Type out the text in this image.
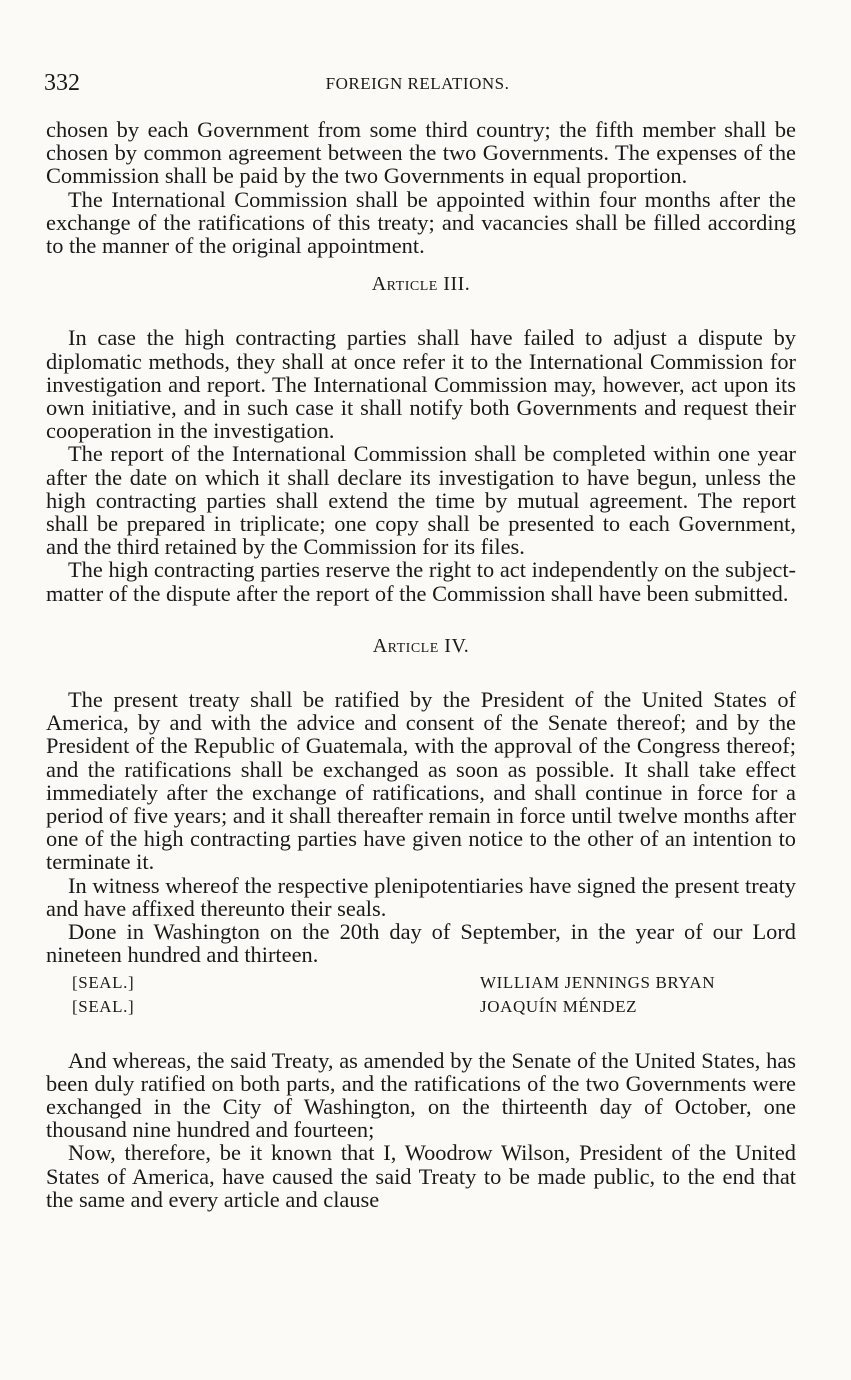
332	FOREIGN RELATIONS.

chosen by each Government from some third country; the fifth member shall be chosen by common agreement between the two Governments. The expenses of the Commission shall be paid by the two Governments in equal proportion.

The International Commission shall be appointed within four months after the exchange of the ratifications of this treaty; and vacancies shall be filled according to the manner of the original appointment.

Article III.

In case the high contracting parties shall have failed to adjust a dispute by diplomatic methods, they shall at once refer it to the International Commission for investigation and report. The International Commission may, however, act upon its own initiative, and in such case it shall notify both Governments and request their cooperation in the investigation.

The report of the International Commission shall be completed within one year after the date on which it shall declare its investigation to have begun, unless the high contracting parties shall extend the time by mutual agreement. The report shall be prepared in triplicate; one copy shall be presented to each Government, and the third retained by the Commission for its files.

The high contracting parties reserve the right to act independently on the subject-matter of the dispute after the report of the Commission shall have been submitted.

Article IV.

The present treaty shall be ratified by the President of the United States of America, by and with the advice and consent of the Senate thereof; and by the President of the Republic of Guatemala, with the approval of the Congress thereof; and the ratifications shall be exchanged as soon as possible. It shall take effect immediately after the exchange of ratifications, and shall continue in force for a period of five years; and it shall thereafter remain in force until twelve months after one of the high contracting parties have given notice to the other of an intention to terminate it.

In witness whereof the respective plenipotentiaries have signed the present treaty and have affixed thereunto their seals.

Done in Washington on the 20th day of September, in the year of our Lord nineteen hundred and thirteen.

[SEAL.]	WILLIAM JENNINGS BRYAN
[SEAL.]	JOAQUÍN MÉNDEZ

And whereas, the said Treaty, as amended by the Senate of the United States, has been duly ratified on both parts, and the ratifications of the two Governments were exchanged in the City of Washington, on the thirteenth day of October, one thousand nine hundred and fourteen;

Now, therefore, be it known that I, Woodrow Wilson, President of the United States of America, have caused the said Treaty to be made public, to the end that the same and every article and clause
